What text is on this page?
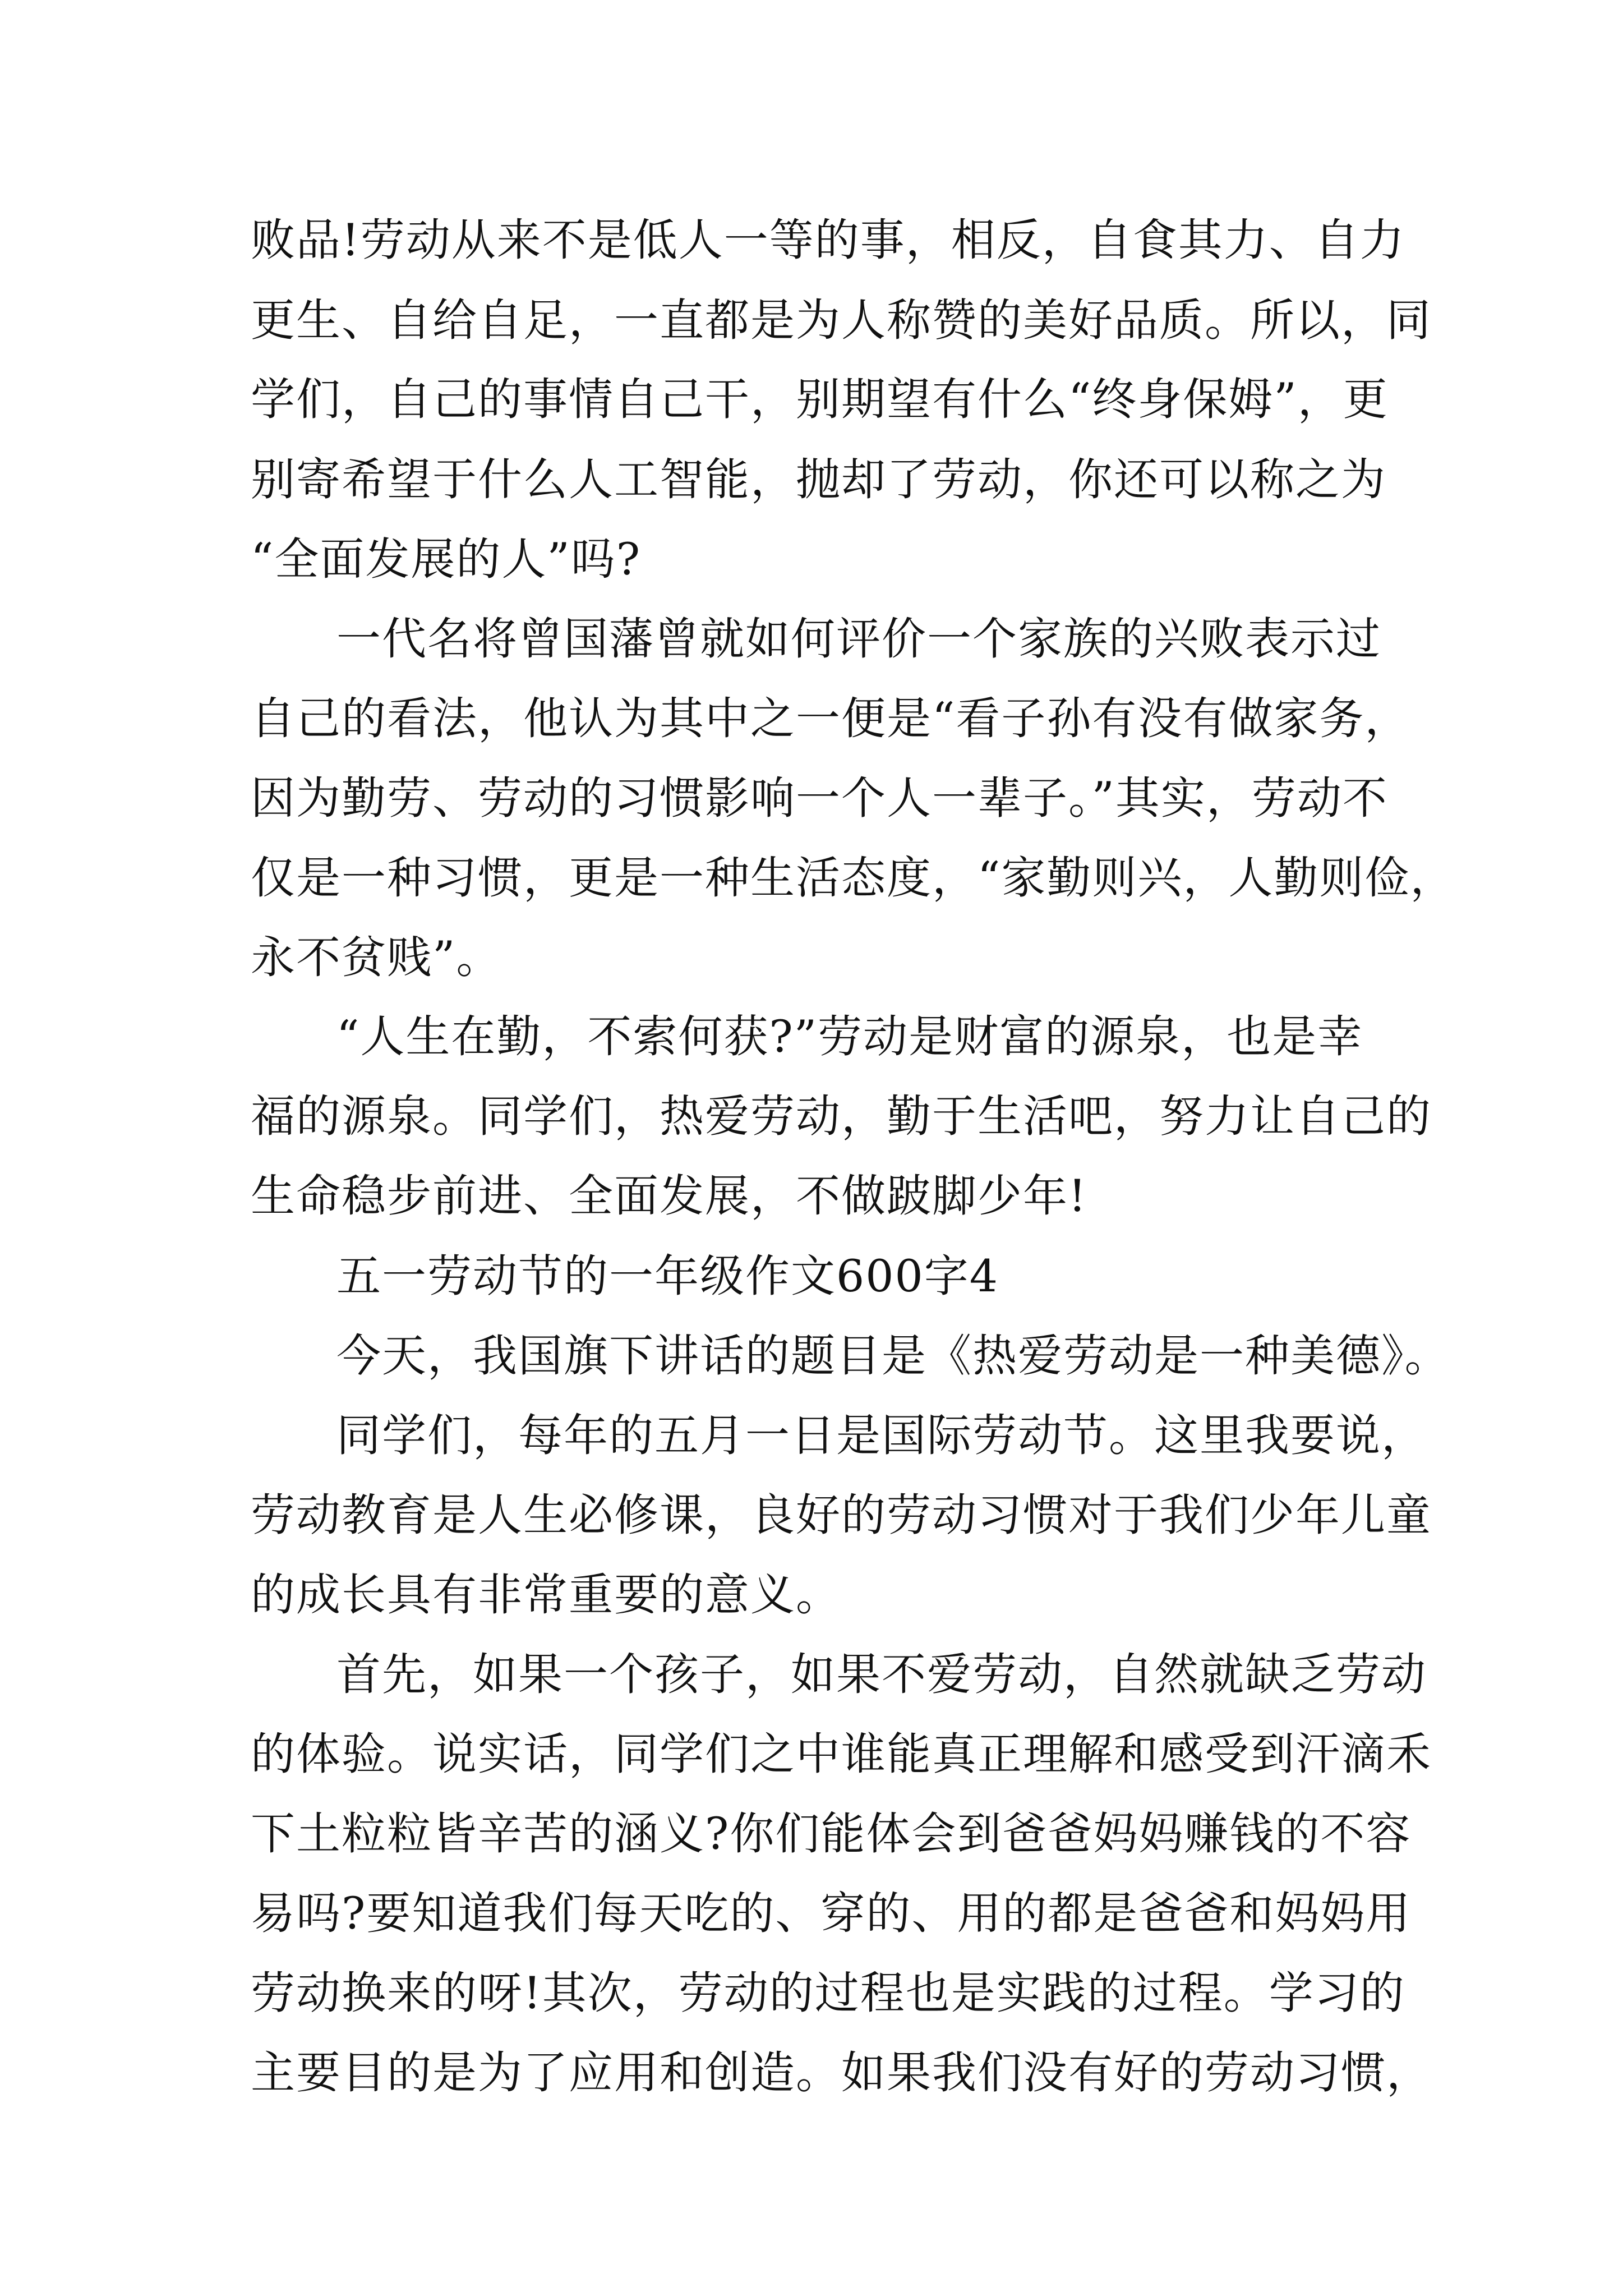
败品!劳动从来不是低人一等的事，相反，自食其力、自力
更生、自给自足，一直都是为人称赞的美好品质。所以，同
学们，自己的事情自己干，别期望有什么“终身保姆”，更
别寄希望于什么人工智能，抛却了劳动，你还可以称之为
“全面发展的人”吗?
一代名将曾国藩曾就如何评价一个家族的兴败表示过
自己的看法，他认为其中之一便是“看子孙有没有做家务，
因为勤劳、劳动的习惯影响一个人一辈子。”其实，劳动不
仅是一种习惯，更是一种生活态度，“家勤则兴，人勤则俭，
永不贫贱”。
“人生在勤，不索何获?”劳动是财富的源泉，也是幸
福的源泉。同学们，热爱劳动，勤于生活吧，努力让自己的
生命稳步前进、全面发展，不做跛脚少年!
五一劳动节的一年级作文600字4
今天，我国旗下讲话的题目是《热爱劳动是一种美德》。
同学们，每年的五月一日是国际劳动节。这里我要说，
劳动教育是人生必修课，良好的劳动习惯对于我们少年儿童
的成长具有非常重要的意义。
首先，如果一个孩子，如果不爱劳动，自然就缺乏劳动
的体验。说实话，同学们之中谁能真正理解和感受到汗滴禾
下土粒粒皆辛苦的涵义?你们能体会到爸爸妈妈赚钱的不容
易吗?要知道我们每天吃的、穿的、用的都是爸爸和妈妈用
劳动换来的呀!其次，劳动的过程也是实践的过程。学习的
主要目的是为了应用和创造。如果我们没有好的劳动习惯，
